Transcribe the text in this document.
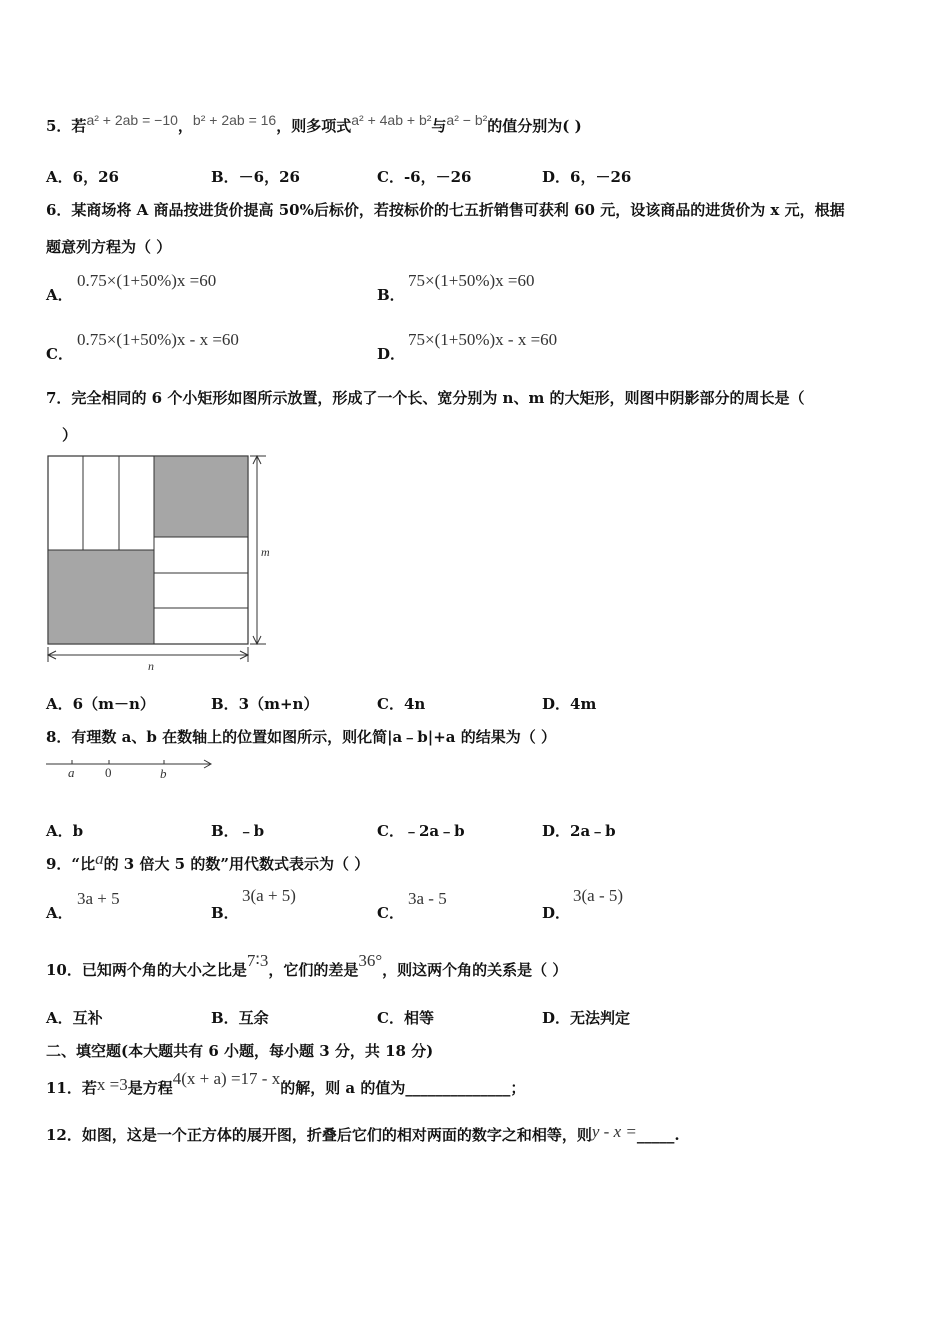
5．若a² + 2ab = −10，b² + 2ab = 16，则多项式a² + 4ab + b²与a² − b²的值分别为( )
A．6，26	B．－6，26	C．-6，－26	D．6，－26
6．某商场将 A 商品按进货价提高 50%后标价，若按标价的七五折销售可获利 60 元，设该商品的进货价为 x 元，根据
题意列方程为（ ）
A．
0.75×(1+50%)x =60
B．
75×(1+50%)x =60
C．
0.75×(1+50%)x - x =60
D．
75×(1+50%)x - x =60
7．完全相同的 6 个小矩形如图所示放置，形成了一个长、宽分别为 n、m 的大矩形，则图中阴影部分的周长是（
）
m
n
A．6（m－n）	B．3（m+n）	C．4n	D．4m
8．有理数 a、b 在数轴上的位置如图所示，则化简|a﹣b|+a 的结果为（ ）
a 0	b
A．b	B．﹣b	C．﹣2a﹣b	D．2a﹣b
9．“比a的 3 倍大 5 的数”用代数式表示为（ ）
A．
3a + 5
B．
3(a + 5)
C．
3a - 5
D．
3(a - 5)
10．已知两个角的大小之比是7∶3，它们的差是36°，则这两个角的关系是（ ）
A．互补	B．互余	C．相等	D．无法判定
二、填空题(本大题共有 6 小题，每小题 3 分，共 18 分)
11．若x =3是方程4(x + a) =17 - x的解，则 a 的值为______________；
12．如图，这是一个正方体的展开图，折叠后它们的相对两面的数字之和相等，则y - x =_____.
